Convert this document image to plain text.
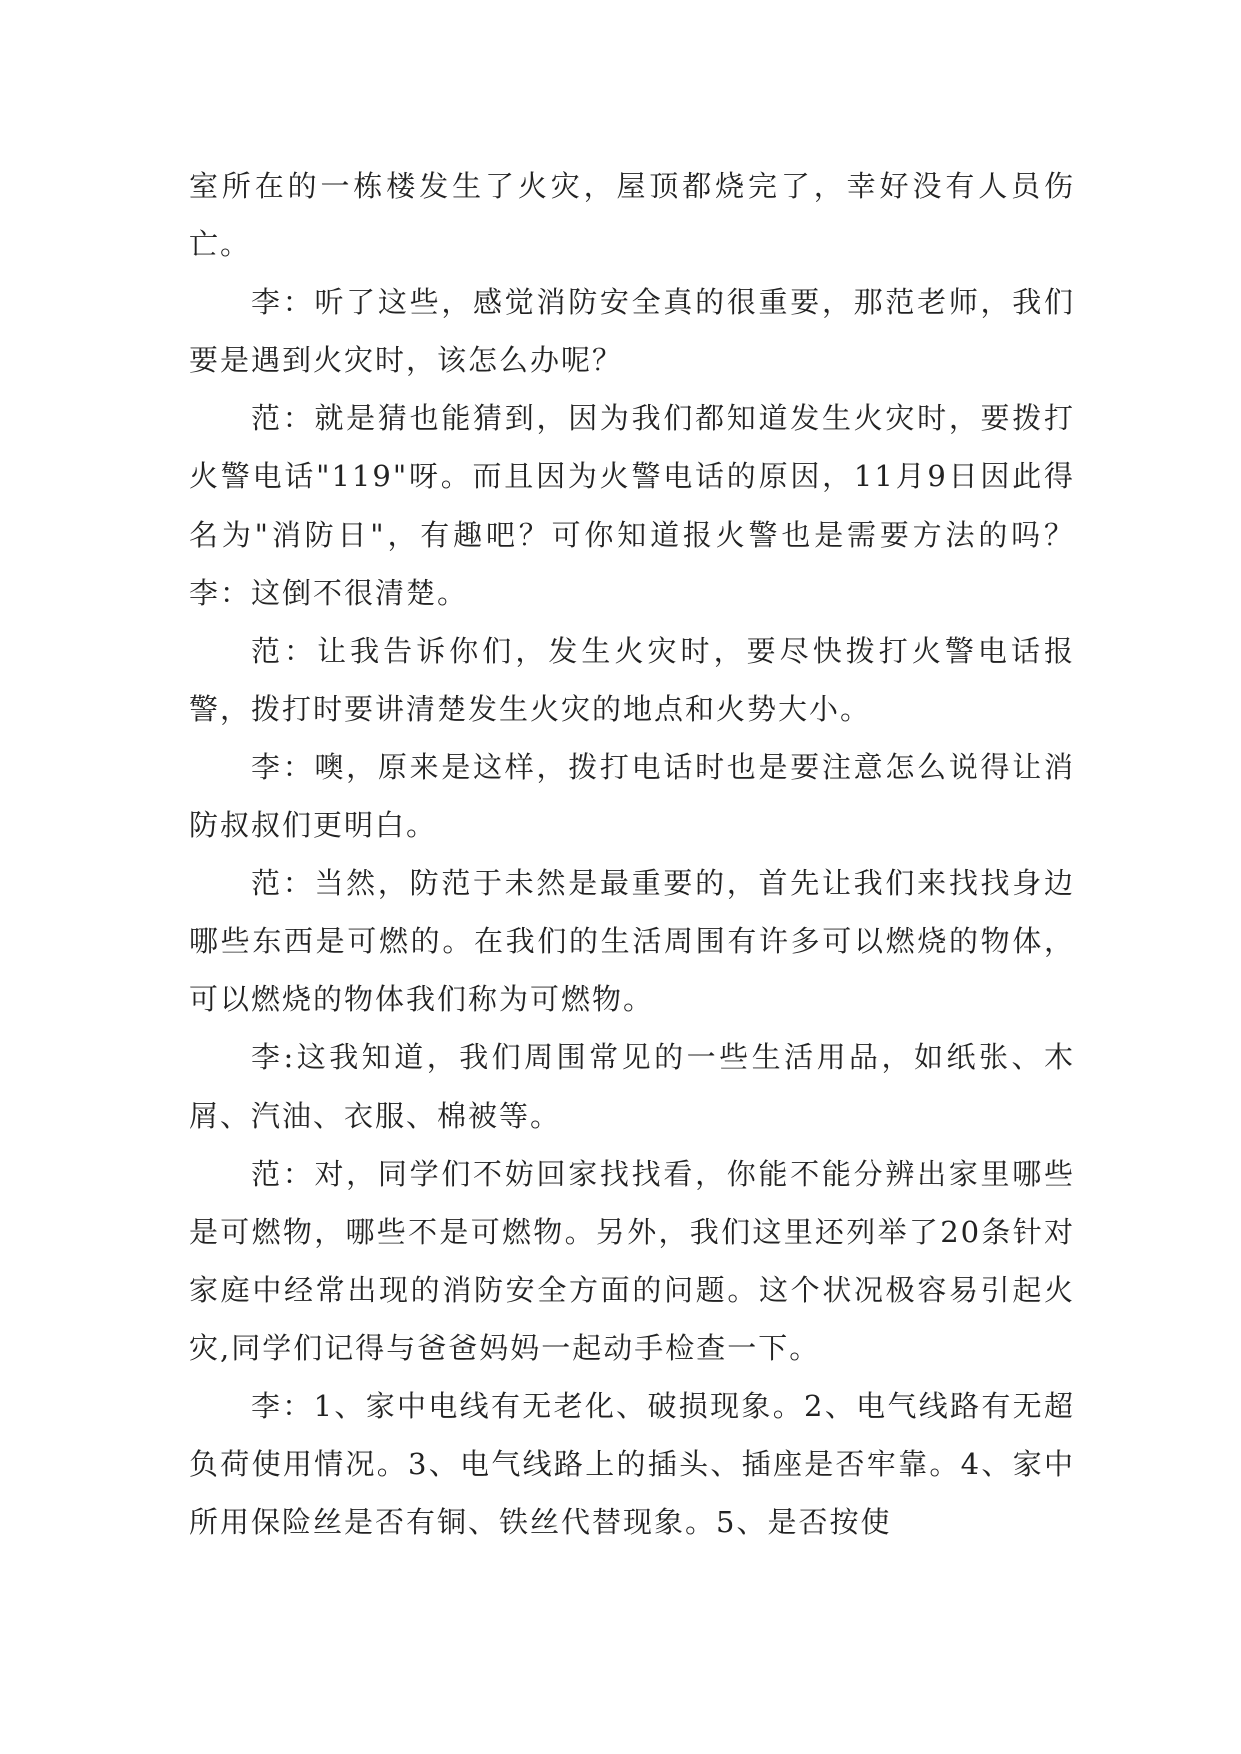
室所在的一栋楼发生了火灾，屋顶都烧完了，幸好没有人员伤亡。

李：听了这些，感觉消防安全真的很重要，那范老师，我们要是遇到火灾时，该怎么办呢？

范：就是猜也能猜到，因为我们都知道发生火灾时，要拨打火警电话"119"呀。而且因为火警电话的原因，11月9日因此得名为"消防日"，有趣吧？可你知道报火警也是需要方法的吗？李：这倒不很清楚。

范：让我告诉你们，发生火灾时，要尽快拨打火警电话报警，拨打时要讲清楚发生火灾的地点和火势大小。

李：噢，原来是这样，拨打电话时也是要注意怎么说得让消防叔叔们更明白。

范：当然，防范于未然是最重要的，首先让我们来找找身边哪些东西是可燃的。在我们的生活周围有许多可以燃烧的物体，可以燃烧的物体我们称为可燃物。

李:这我知道，我们周围常见的一些生活用品，如纸张、木屑、汽油、衣服、棉被等。

范：对，同学们不妨回家找找看，你能不能分辨出家里哪些是可燃物，哪些不是可燃物。另外，我们这里还列举了20条针对家庭中经常出现的消防安全方面的问题。这个状况极容易引起火灾,同学们记得与爸爸妈妈一起动手检查一下。

李：1、家中电线有无老化、破损现象。2、电气线路有无超负荷使用情况。3、电气线路上的插头、插座是否牢靠。4、家中所用保险丝是否有铜、铁丝代替现象。5、是否按使
